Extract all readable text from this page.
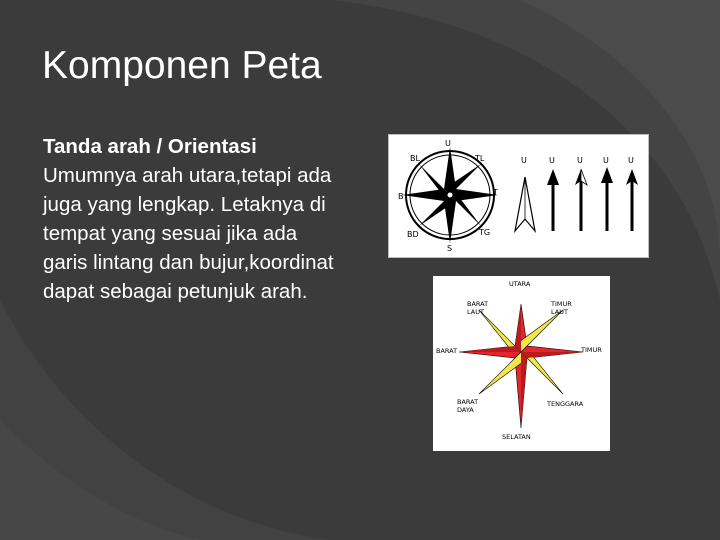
Komponen Peta
Tanda arah / Orientasi
Umumnya arah utara,tetapi ada juga yang lengkap. Letaknya di tempat yang sesuai jika ada garis lintang dan bujur,koordinat dapat sebagai petunjuk arah.
U
TL
T
TG
S
BD
B
BL	U	U	U	U U
UTARA
TIMUR
LAUT
TIMUR
TENGGARA
SELATAN
BARAT
DAYA
BARAT
BARAT
LAUT
